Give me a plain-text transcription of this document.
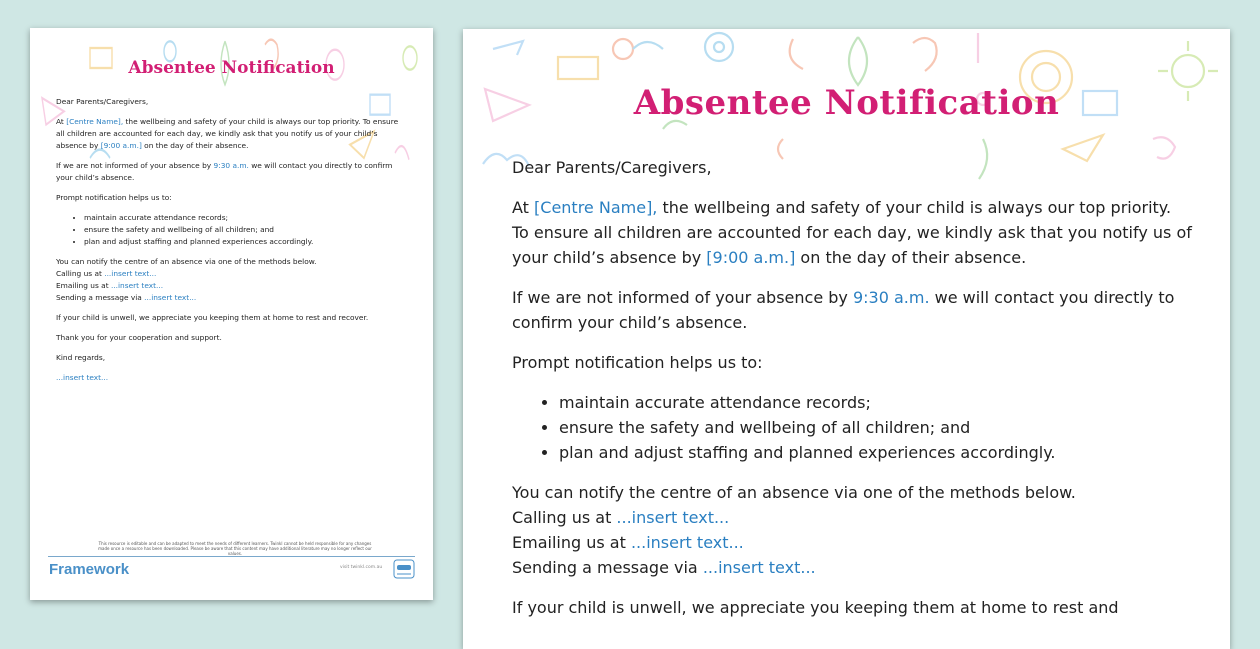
Absentee Notification

Dear Parents/Caregivers,

At [Centre Name], the wellbeing and safety of your child is always our top priority. To ensure all children are accounted for each day, we kindly ask that you notify us of your child’s absence by [9:00 a.m.] on the day of their absence.

If we are not informed of your absence by 9:30 a.m. we will contact you directly to confirm your child’s absence.

Prompt notification helps us to:

• maintain accurate attendance records;
• ensure the safety and wellbeing of all children; and
• plan and adjust staffing and planned experiences accordingly.

You can notify the centre of an absence via one of the methods below.
Calling us at ...insert text...
Emailing us at ...insert text...
Sending a message via ...insert text...

If your child is unwell, we appreciate you keeping them at home to rest and recover.

Thank you for your cooperation and support.

Kind regards,

...insert text...

This resource is editable and can be adapted to meet the needs of different learners. Twinkl cannot be held responsible for any changes made once a resource has been downloaded. Please be aware that this content may have additional literature may no longer reflect our values.
Framework	visit twinkl.com.au
Absentee Notification

Dear Parents/Caregivers,

At [Centre Name], the wellbeing and safety of your child is always our top priority. To ensure all children are accounted for each day, we kindly ask that you notify us of your child’s absence by [9:00 a.m.] on the day of their absence.

If we are not informed of your absence by 9:30 a.m. we will contact you directly to confirm your child’s absence.

Prompt notification helps us to:

• maintain accurate attendance records;
• ensure the safety and wellbeing of all children; and
• plan and adjust staffing and planned experiences accordingly.

You can notify the centre of an absence via one of the methods below.
Calling us at ...insert text...
Emailing us at ...insert text...
Sending a message via ...insert text...

If your child is unwell, we appreciate you keeping them at home to rest and
